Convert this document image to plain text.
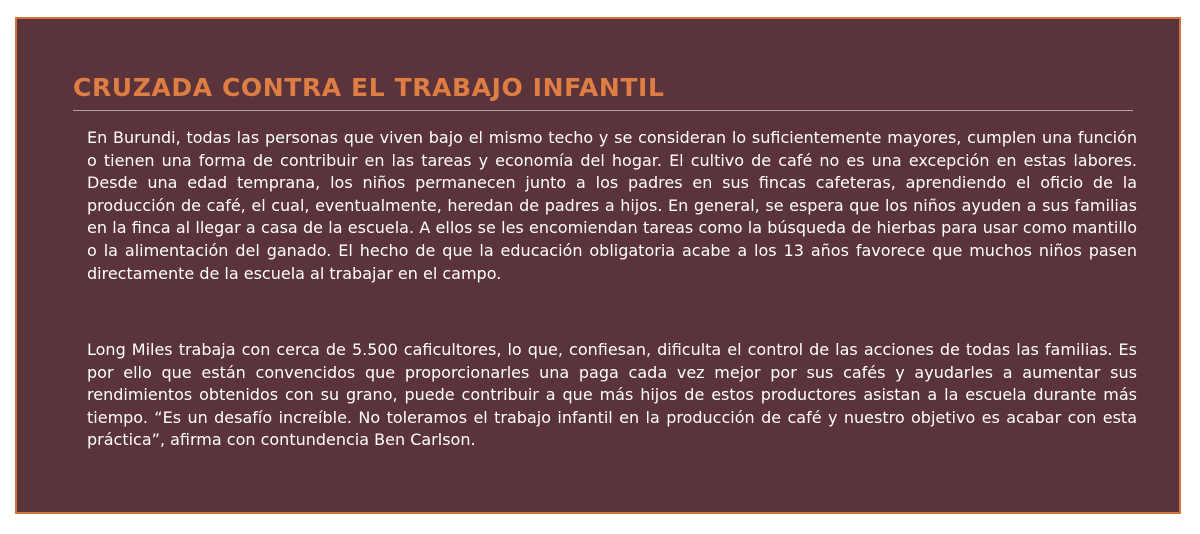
CRUZADA CONTRA EL TRABAJO INFANTIL

En Burundi, todas las personas que viven bajo el mismo techo y se consideran lo suficientemente mayores, cumplen una función o tienen una forma de contribuir en las tareas y economía del hogar. El cultivo de café no es una excepción en estas labores. Desde una edad temprana, los niños permanecen junto a los padres en sus fincas cafeteras, aprendiendo el oficio de la producción de café, el cual, eventualmente, heredan de padres a hijos. En general, se espera que los niños ayuden a sus familias en la finca al llegar a casa de la escuela. A ellos se les encomiendan tareas como la búsqueda de hierbas para usar como mantillo o la alimentación del ganado. El hecho de que la educación obligatoria acabe a los 13 años favorece que muchos niños pasen directamente de la escuela al trabajar en el campo.

Long Miles trabaja con cerca de 5.500 caficultores, lo que, confiesan, dificulta el control de las acciones de todas las familias. Es por ello que están convencidos que proporcionarles una paga cada vez mejor por sus cafés y ayudarles a aumentar sus rendimientos obtenidos con su grano, puede contribuir a que más hijos de estos productores asistan a la escuela durante más tiempo. “Es un desafío increíble. No toleramos el trabajo infantil en la producción de café y nuestro objetivo es acabar con esta práctica”, afirma con contundencia Ben Carlson.
